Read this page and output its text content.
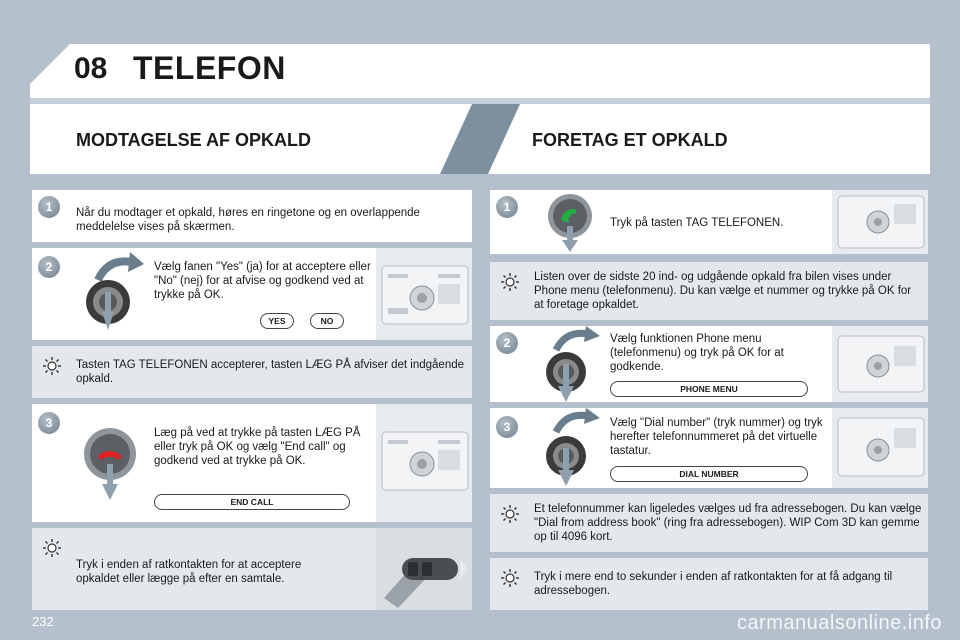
08 TELEFON
MODTAGELSE AF OPKALD	FORETAG ET OPKALD
1	Når du modtager et opkald, høres en ringetone og en overlappende meddelelse vises på skærmen.

2	Vælg fanen "Yes" (ja) for at acceptere eller "No" (nej) for at afvise og godkend ved at trykke på OK.

YES	NO

Tasten TAG TELEFONEN accepterer, tasten LÆG PÅ afviser det indgående opkald.

3

Læg på ved at trykke på tasten LÆG PÅ eller tryk på OK og vælg "End call" og godkend ved at trykke på OK.

END CALL

Tryk i enden af ratkontakten for at acceptere opkaldet eller lægge på efter en samtale.

1

Tryk på tasten TAG TELEFONEN.

Listen over de sidste 20 ind- og udgående opkald fra bilen vises under Phone menu (telefonmenu). Du kan vælge et nummer og trykke på OK for at foretage opkaldet.

2	Vælg funktionen Phone menu (telefonmenu) og tryk på OK for at godkende.

PHONE MENU
3	Vælg "Dial number" (tryk nummer) og tryk herefter telefonnummeret på det virtuelle tastatur.

DIAL NUMBER

Et telefonnummer kan ligeledes vælges ud fra adressebogen. Du kan vælge "Dial from address book" (ring fra adressebogen). WIP Com 3D kan gemme op til 4096 kort.

Tryk i mere end to sekunder i enden af ratkontakten for at få adgang til adressebogen.

232	carmanualsonline.info
